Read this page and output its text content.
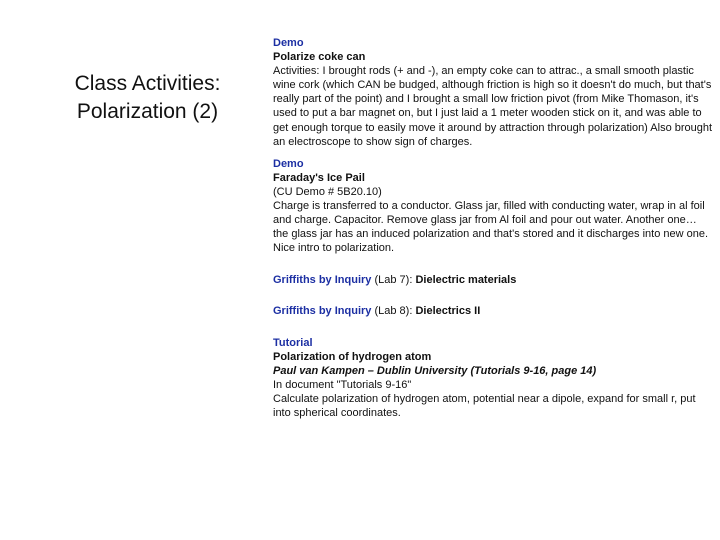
Class Activities: Polarization (2)
Demo
Polarize coke can
Activities: I brought rods (+ and -), an empty coke can to attrac., a small smooth plastic wine cork (which CAN be budged, although friction is high so it doesn't do much, but that's really part of the point) and I brought a small low friction pivot (from Mike Thomason, it's used to put a bar magnet on, but I just laid a 1 meter wooden stick on it, and was able to get enough torque to easily move it around by attraction through polarization) Also brought an electroscope to show sign of charges.
Demo
Faraday's Ice Pail
(CU Demo # 5B20.10)
Charge is transferred to a conductor. Glass jar, filled with conducting water, wrap in al foil and charge. Capacitor. Remove glass jar from Al foil and pour out water. Another one… the glass jar has an induced polarization and that's stored and it discharges into new one. Nice intro to polarization.
Griffiths by Inquiry (Lab 7): Dielectric materials
Griffiths by Inquiry (Lab 8): Dielectrics II
Tutorial
Polarization of hydrogen atom
Paul van Kampen – Dublin University (Tutorials 9-16, page 14)
In document "Tutorials 9-16"
Calculate polarization of hydrogen atom, potential near a dipole, expand for small r, put into spherical coordinates.
